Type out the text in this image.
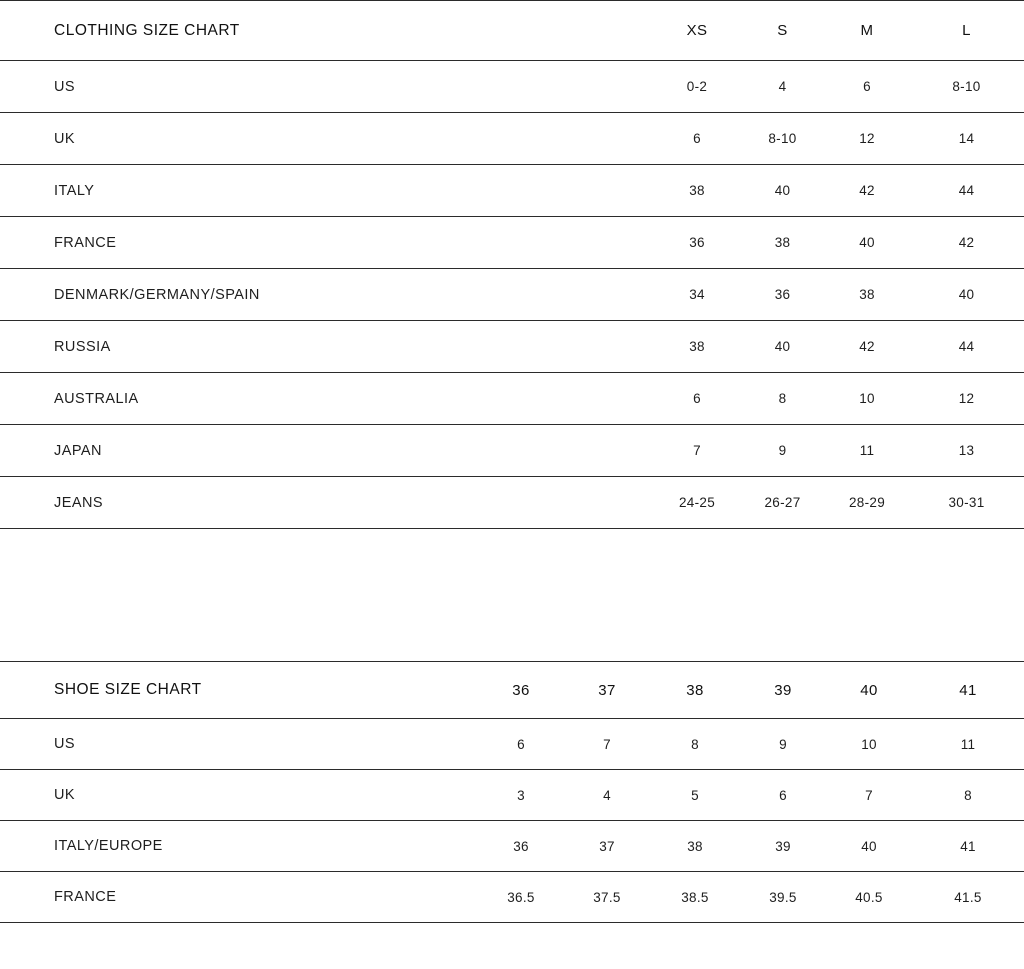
CLOTHING SIZE CHART	XS	S	M	L
US	0-2	4	6	8-10
UK	6	8-10	12	14
ITALY	38	40	42	44
FRANCE	36	38	40	42
DENMARK/GERMANY/SPAIN	34	36	38	40
RUSSIA	38	40	42	44
AUSTRALIA	6	8	10	12
JAPAN	7	9	11	13
JEANS	24-25	26-27	28-29	30-31
SHOE SIZE CHART	36	37	38	39	40	41
US	6	7	8	9	10	11
UK	3	4	5	6	7	8
ITALY/EUROPE	36	37	38	39	40	41
FRANCE	36.5	37.5	38.5	39.5	40.5	41.5
